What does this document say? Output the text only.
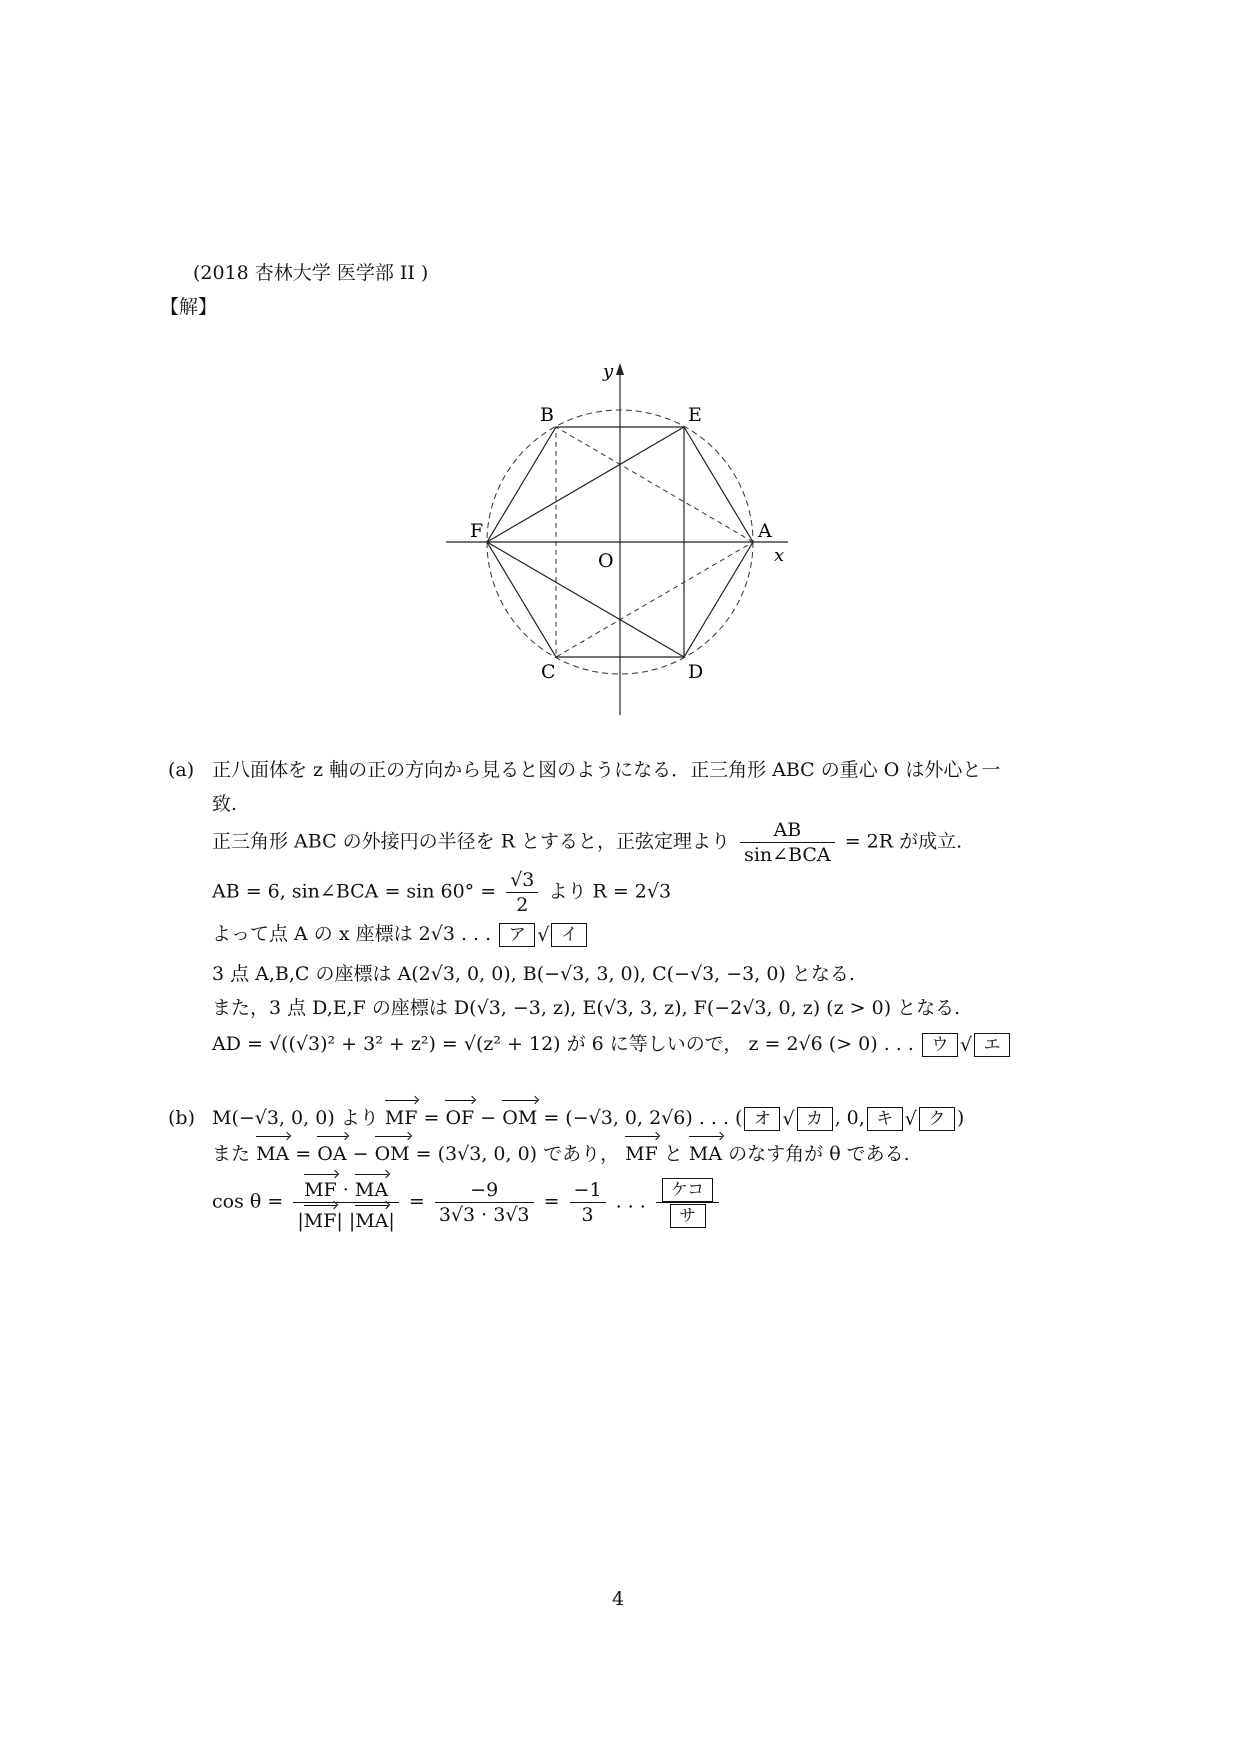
(2018 杏林大学 医学部 II )
【解】
A
B
C	D
E
F
O	x
y
(a) 正八面体を z 軸の正の方向から見ると図のようになる．正三角形 ABC の重心 O は外心と一
致.
正三角形 ABC の外接円の半径を R とすると，正弦定理より $\frac{AB}{\text{sin∠BCA}} = 2R$ が成立.
AB = 6, sin∠BCA = $\sin 60^\circ = \frac{√3}{2}$ より R = 2√3
よって点 A の x 座標は 2√3 . . . ア √ イ
3 点 A,B,C の座標は A(2√3, 0, 0), B(−√3, 3, 0), C(−√3, −3, 0) となる.
また，3 点 D,E,F の座標は D(√3, −3, z), E(√3, 3, z), F(−2√3, 0, z) (z > 0) となる.
AD = √((√3)² + 3² + z²) = √(z² + 12) が 6 に等しいので， z = 2√6 (> 0) . . . ウ √ エ
(b) M(−√3, 0, 0) より MF = OF − OM = (−√3, 0, 2√6) . . . ( オ √ カ , 0, キ √ ク )
また MA = OA − OM = (3√3, 0, 0) であり， MF と MA のなす角が θ である.
$\cos \theta = \frac{MF \cdot MA}{|MF| |MA|} = \frac{-9}{3√3 \cdot 3√3} = \frac{-1}{3}$ . . . $\frac{\text{ケコ}}{\text{サ}}$
4
